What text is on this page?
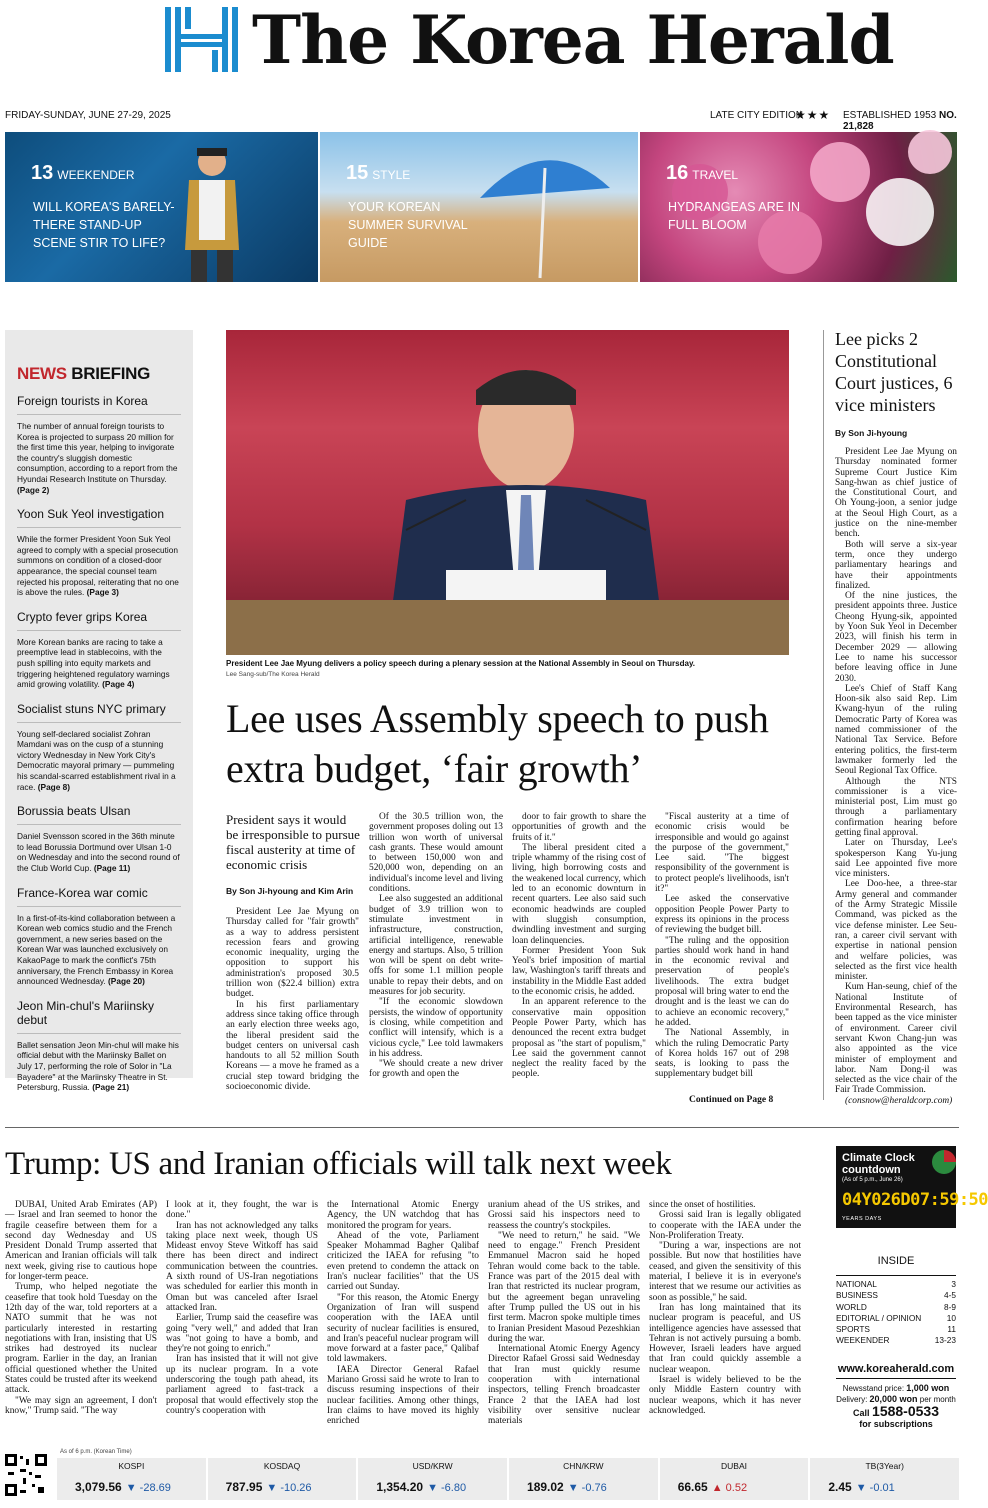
The Korea Herald
FRIDAY-SUNDAY, JUNE 27-29, 2025	LATE CITY EDITION
★★★ ESTABLISHED 1953 NO. 21,828
13 WEEKENDER
WILL KOREA'S BARELY-THERE STAND-UP SCENE STIR TO LIFE?
15 STYLE
YOUR KOREAN SUMMER SURVIVAL GUIDE
16 TRAVEL
HYDRANGEAS ARE IN FULL BLOOM
NEWS BRIEFING
Foreign tourists in Korea
The number of annual foreign tourists to Korea is projected to surpass 20 million for the first time this year, helping to invigorate the country's sluggish domestic consumption, according to a report from the Hyundai Research Institute on Thursday. (Page 2)
Yoon Suk Yeol investigation
While the former President Yoon Suk Yeol agreed to comply with a special prosecution summons on condition of a closed-door appearance, the special counsel team rejected his proposal, reiterating that no one is above the rules. (Page 3)
Crypto fever grips Korea
More Korean banks are racing to take a preemptive lead in stablecoins, with the push spilling into equity markets and triggering heightened regulatory warnings amid growing volatility. (Page 4)
Socialist stuns NYC primary
Young self-declared socialist Zohran Mamdani was on the cusp of a stunning victory Wednesday in New York City's Democratic mayoral primary — pummeling his scandal-scarred establishment rival in a race. (Page 8)
Borussia beats Ulsan
Daniel Svensson scored in the 36th minute to lead Borussia Dortmund over Ulsan 1-0 on Wednesday and into the second round of the Club World Cup. (Page 11)
France-Korea war comic
In a first-of-its-kind collaboration between a Korean web comics studio and the French government, a new series based on the Korean War was launched exclusively on KakaoPage to mark the conflict's 75th anniversary, the French Embassy in Korea announced Wednesday. (Page 20)
Jeon Min-chul's Mariinsky debut
Ballet sensation Jeon Min-chul will make his official debut with the Mariinsky Ballet on July 17, performing the role of Solor in "La Bayadere" at the Mariinsky Theatre in St. Petersburg, Russia. (Page 21)
President Lee Jae Myung delivers a policy speech during a plenary session at the National Assembly in Seoul on Thursday.
Lee Sang-sub/The Korea Herald
Lee uses Assembly speech to push extra budget, ‘fair growth’
President says it would be irresponsible to pursue fiscal austerity at time of economic crisis
By Son Ji-hyoung and Kim Arin

President Lee Jae Myung on Thursday called for "fair growth" as a way to address persistent recession fears and growing economic inequality, urging the opposition to support his administration's proposed 30.5 trillion won ($22.4 billion) extra budget.

In his first parliamentary address since taking office through an early election three weeks ago, the liberal president said the budget centers on universal cash handouts to all 52 million South Koreans — a move he framed as a crucial step toward bridging the socioeconomic divide.

Of the 30.5 trillion won, the government proposes doling out 13 trillion won worth of universal cash grants. These would amount to between 150,000 won and 520,000 won, depending on an individual's income level and living conditions.

Lee also suggested an additional budget of 3.9 trillion won to stimulate investment in infrastructure, construction, artificial intelligence, renewable energy and startups. Also, 5 trillion won will be spent on debt write-offs for some 1.1 million people unable to repay their debts, and on measures for job security.

"If the economic slowdown persists, the window of opportunity is closing, while competition and conflict will intensify, which is a vicious cycle," Lee told lawmakers in his address.

"We should create a new driver for growth and open the

door to fair growth to share the opportunities of growth and the fruits of it."

The liberal president cited a triple whammy of the rising cost of living, high borrowing costs and the weakened local currency, which led to an economic downturn in recent quarters. Lee also said such economic headwinds are coupled with sluggish consumption, dwindling investment and surging loan delinquencies.

Former President Yoon Suk Yeol's brief imposition of martial law, Washington's tariff threats and instability in the Middle East added to the economic crisis, he added.

In an apparent reference to the conservative main opposition People Power Party, which has denounced the recent extra budget proposal as "the start of populism," Lee said the government cannot neglect the reality faced by the people.

"Fiscal austerity at a time of economic crisis would be irresponsible and would go against the purpose of the government," Lee said. "The biggest responsibility of the government is to protect people's livelihoods, isn't it?"

Lee asked the conservative opposition People Power Party to express its opinions in the process of reviewing the budget bill.

"The ruling and the opposition parties should work hand in hand in the economic revival and preservation of people's livelihoods. The extra budget proposal will bring water to end the drought and is the least we can do to achieve an economic recovery," he added.

The National Assembly, in which the ruling Democratic Party of Korea holds 167 out of 298 seats, is looking to pass the supplementary budget bill

Continued on Page 8
Lee picks 2 Constitutional Court justices, 6 vice ministers
By Son Ji-hyoung

President Lee Jae Myung on Thursday nominated former Supreme Court Justice Kim Sang-hwan as chief justice of the Constitutional Court, and Oh Young-joon, a senior judge at the Seoul High Court, as a justice on the nine-member bench.

Both will serve a six-year term, once they undergo parliamentary hearings and have their appointments finalized.

Of the nine justices, the president appoints three. Justice Cheong Hyung-sik, appointed by Yoon Suk Yeol in December 2023, will finish his term in December 2029 — allowing Lee to name his successor before leaving office in June 2030.

Lee's Chief of Staff Kang Hoon-sik also said Rep. Lim Kwang-hyun of the ruling Democratic Party of Korea was named commissioner of the National Tax Service. Before entering politics, the first-term lawmaker formerly led the Seoul Regional Tax Office.

Although the NTS commissioner is a vice-ministerial post, Lim must go through a parliamentary confirmation hearing before getting final approval.

Later on Thursday, Lee's spokesperson Kang Yu-jung said Lee appointed five more vice ministers.

Lee Doo-hee, a three-star Army general and commander of the Army Strategic Missile Command, was picked as the vice defense minister. Lee Seu-ran, a career civil servant with expertise in national pension and welfare policies, was selected as the first vice health minister.

Kum Han-seung, chief of the National Institute of Environmental Research, has been tapped as the vice minister of environment. Career civil servant Kwon Chang-jun was also appointed as the vice minister of employment and labor. Nam Dong-il was selected as the vice chair of the Fair Trade Commission.

(consnow@heraldcorp.com)

Trump: US and Iranian officials will talk next week

DUBAI, United Arab Emirates (AP) — Israel and Iran seemed to honor the fragile ceasefire between them for a second day Wednesday and US President Donald Trump asserted that American and Iranian officials will talk next week, giving rise to cautious hope for longer-term peace.

Trump, who helped negotiate the ceasefire that took hold Tuesday on the 12th day of the war, told reporters at a NATO summit that he was not particularly interested in restarting negotiations with Iran, insisting that US strikes had destroyed its nuclear program. Earlier in the day, an Iranian official questioned whether the United States could be trusted after its weekend attack.

"We may sign an agreement, I don't know," Trump said. "The way

I look at it, they fought, the war is done."

Iran has not acknowledged any talks taking place next week, though US Mideast envoy Steve Witkoff has said there has been direct and indirect communication between the countries. A sixth round of US-Iran negotiations was scheduled for earlier this month in Oman but was canceled after Israel attacked Iran.

Earlier, Trump said the ceasefire was going "very well," and added that Iran was "not going to have a bomb, and they're not going to enrich."

Iran has insisted that it will not give up its nuclear program. In a vote underscoring the tough path ahead, its parliament agreed to fast-track a proposal that would effectively stop the country's cooperation with

the International Atomic Energy Agency, the UN watchdog that has monitored the program for years.

Ahead of the vote, Parliament Speaker Mohammad Bagher Qalibaf criticized the IAEA for refusing "to even pretend to condemn the attack on Iran's nuclear facilities" that the US carried out Sunday.

"For this reason, the Atomic Energy Organization of Iran will suspend cooperation with the IAEA until security of nuclear facilities is ensured, and Iran's peaceful nuclear program will move forward at a faster pace," Qalibaf told lawmakers.

IAEA Director General Rafael Mariano Grossi said he wrote to Iran to discuss resuming inspections of their nuclear facilities. Among other things, Iran claims to have moved its highly enriched

uranium ahead of the US strikes, and Grossi said his inspectors need to reassess the country's stockpiles.

"We need to return," he said. "We need to engage." French President Emmanuel Macron said he hoped Tehran would come back to the table. France was part of the 2015 deal with Iran that restricted its nuclear program, but the agreement began unraveling after Trump pulled the US out in his first term. Macron spoke multiple times to Iranian President Masoud Pezeshkian during the war.

International Atomic Energy Agency Director Rafael Grossi said Wednesday that Iran must quickly resume cooperation with international inspectors, telling French broadcaster France 2 that the IAEA had lost visibility over sensitive nuclear materials

since the onset of hostilities.

Grossi said Iran is legally obligated to cooperate with the IAEA under the Non-Proliferation Treaty.

"During a war, inspections are not possible. But now that hostilities have ceased, and given the sensitivity of this material, I believe it is in everyone's interest that we resume our activities as soon as possible," he said.

Iran has long maintained that its nuclear program is peaceful, and US intelligence agencies have assessed that Tehran is not actively pursuing a bomb. However, Israeli leaders have argued that Iran could quickly assemble a nuclear weapon.

Israel is widely believed to be the only Middle Eastern country with nuclear weapons, which it has never acknowledged.

Climate Clock countdown
(As of 5 p.m., June 26)
04Y026D07:59:50
YEARS DAYS
INSIDE
NATIONAL	3
BUSINESS	4-5
WORLD	8-9
EDITORIAL / OPINION	10
SPORTS	11
WEEKENDER	13-23
www.koreaherald.com
Newsstand price: 1,000 won
Delivery: 20,000 won per month
Call 1588-0533
for subscriptions
As of 6 p.m. (Korean Time)
KOSPI
3,079.56 ▼ -28.69
KOSDAQ
787.95 ▼ -10.26
USD/KRW
1,354.20 ▼ -6.80
CHN/KRW
189.02 ▼ -0.76
DUBAI
66.65 ▲ 0.52
TB(3Year)
2.45 ▼ -0.01
